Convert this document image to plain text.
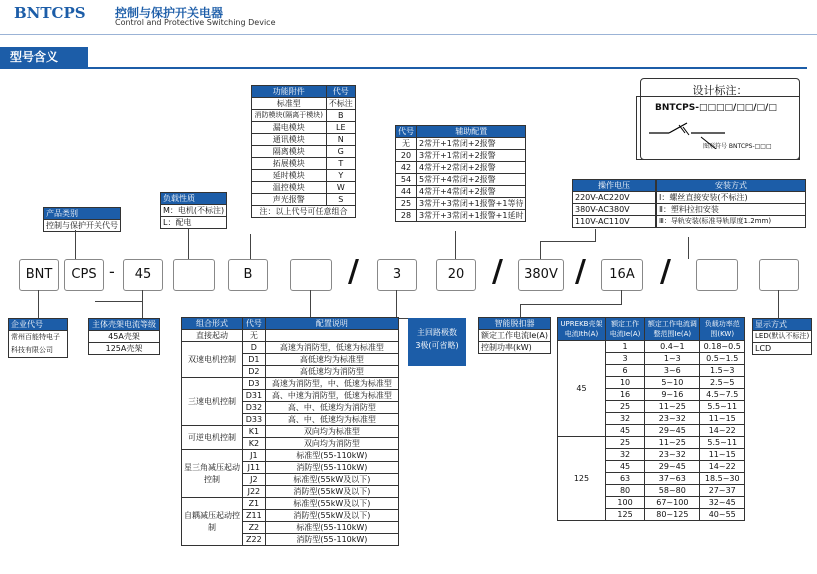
BNTCPS 控制与保护开关电器
Control and Protective Switching Device
型号含义
设计标注：
BNTCPS-□□□□/□□/□/□
图形符号 BNTCPS-□□□
功能附件	代号
标准型	不标注
消防模块(隔离于模块)	B
漏电模块	LE
通讯模块	N
隔离模块	G
拓展模块	T
延时模块	Y
温控模块	W
声光报警	S
注：以上代号可任意组合	
代号	辅助配置
无	2常开+1常闭+2报警
20	3常开+1常闭+2报警
42	4常开+2常闭+2报警
54	5常开+4常闭+2报警
44	4常开+4常闭+2报警
25	3常开+3常闭+1报警+1等待
28	3常开+3常闭+1报警+1延时
操作电压
220V-AC220V
380V-AC380V
110V-AC110V
安装方式
Ⅰ：螺丝直接安装(不标注)
Ⅱ：塑料拉扣安装
Ⅲ：导轨安装(标准导轨厚度1.2mm)
产品类别
控制与保护开关代号
负载性质
M：电机(不标注)
L：配电
BNT	CPS -	45	B	/	3	20 /	380V /	16A /
企业代号
常州百能特电子科技有限公司
主体壳架电流等级
45A壳架
125A壳架
组合形式	代号	配置说明
直接起动	无	
双速电机控制	D	高速为消防型，低速为标准型
	D1	高低速均为标准型
	D2	高低速均为消防型
三速电机控制	D3	高速为消防型，中、低速为标准型
	D31	高、中速为消防型，低速为标准型
	D32	高、中、低速均为消防型
	D33	高、中、低速均为标准型
可逆电机控制	K1	双向均为标准型
	K2	双向均为消防型
星三角减压起动控制	J1	标准型(55-110kW)
	J11	消防型(55-110kW)
	J2	标准型(55kW及以下)
	J22	消防型(55kW及以下)
自耦减压起动控制	Z1	标准型(55kW及以下)
	Z11	消防型(55kW及以下)
	Z2	标准型(55-110kW)
	Z22	消防型(55-110kW)
主回路极数
3极(可省略)
智能脱扣器
额定工作电流Ie(A)
控制功率(kW)
UPREKB壳架电流Ith(A)	额定工作电流Ie(A)	额定工作电流调整范围Ie(A)	负载功率范围(KW)
45	1	0.4~1	0.18~0.5
	3	1~3	0.5~1.5
	6	3~6	1.5~3
	10	5~10	2.5~5
	16	9~16	4.5~7.5
	25	11~25	5.5~11
	32	23~32	11~15
	45	29~45	14~22
125	25	11~25	5.5~11
	32	23~32	11~15
	45	29~45	14~22
	63	37~63	18.5~30
	80	58~80	27~37
	100	67~100	32~45
	125	80~125	40~55
显示方式
LED(默认不标注)
LCD
